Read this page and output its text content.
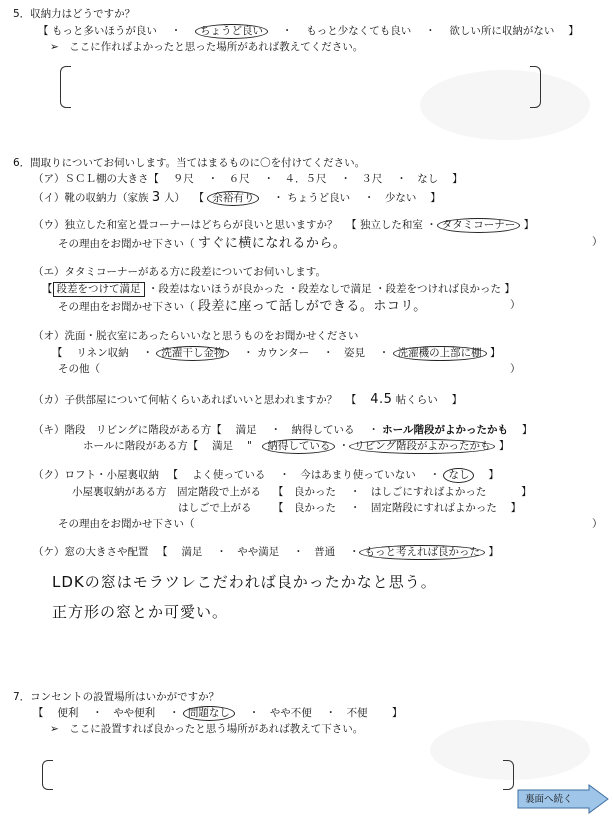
5．収納力はどうですか？
【 もっと多いほうが良い 　 ・　 ちょうど良い 　 ・　 もっと少なくても良い 　 ・　 欲しい所に収納がない 　 】
➢　ここに作ればよかったと思った場所があれば教えてください。
6．間取りについてお伺いします。当てはまるものに〇を付けてください。
（ア）ＳＣＬ棚の大きさ【 　 ９尺 　・　６尺 　・　４．５尺 　・　３尺 　・　なし 　 】
（イ）靴の収納力（家族 3 人） 　 【 余裕有り 　・ ちょうど良い 　・　少ない 　 】
（ウ）独立した和室と畳コーナーはどちらが良いと思いますか？ 　 【 独立した和室 ・ タタミコーナー 】
その理由をお聞かせ下さい（ すぐに横になれるから。	）
（エ）タタミコーナーがある方に段差についてお伺いします。
【 段差をつけて満足 ・段差はないほうが良かった ・段差なしで満足 ・段差をつければ良かった 】
その理由をお聞かせ下さい（ 段差に座って話しができる。ホコリ。	）
（オ）洗面・脱衣室にあったらいいなと思うものをお聞かせください
【　 リネン収納 　・ 洗濯干し金物 　・ カウンター 　・　姿見 　・ 洗濯機の上部に棚 】
その他（	）
（カ）子供部屋について何帖くらいあればいいと思われますか？ 　 【　 4.5 帖くらい 　 】
（キ）階段　リビングに階段がある方【 　 満足 　・　納得している 　・ ホール階段がよかったかも 　 】
ホールに階段がある方【 　 満足 　"　納得している ・ リビング階段がよかったかも 】
（ク）ロフト・小屋裏収納 　 【 　 よく使っている 　・　今はあまり使っていない 　・ なし 　 】
小屋裏収納がある方　固定階段で上がる 【　良かった 　・　はしごにすればよかった 　　　】
はしごで上がる 【　良かった 　・　固定階段にすればよかった 　】
その理由をお聞かせ下さい（	）
（ケ）窓の大きさや配置 　 【 　 満足 　・　やや満足 　・　普通 　・ もっと考えれば良かった 】
LDKの窓はモラツレこだわれば良かったかなと思う。
正方形の窓とか可愛い。
7．コンセントの設置場所はいかがですか？
【　 便利 　・　やや便利 　・ 問題なし 　・　やや不便 　・　不便 　　 】
➢　ここに設置すれば良かったと思う場所があれば教えて下さい。
裏面へ続く
